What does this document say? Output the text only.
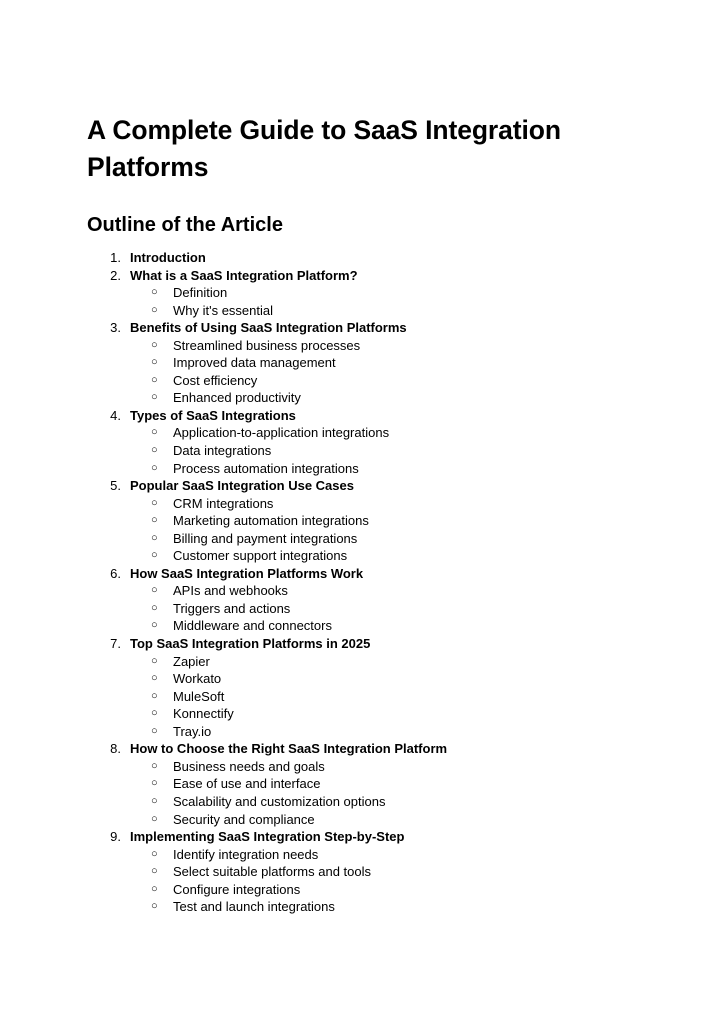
A Complete Guide to SaaS Integration Platforms
Outline of the Article
1. Introduction
2. What is a SaaS Integration Platform?
○ Definition
○ Why it's essential
3. Benefits of Using SaaS Integration Platforms
○ Streamlined business processes
○ Improved data management
○ Cost efficiency
○ Enhanced productivity
4. Types of SaaS Integrations
○ Application-to-application integrations
○ Data integrations
○ Process automation integrations
5. Popular SaaS Integration Use Cases
○ CRM integrations
○ Marketing automation integrations
○ Billing and payment integrations
○ Customer support integrations
6. How SaaS Integration Platforms Work
○ APIs and webhooks
○ Triggers and actions
○ Middleware and connectors
7. Top SaaS Integration Platforms in 2025
○ Zapier
○ Workato
○ MuleSoft
○ Konnectify
○ Tray.io
8. How to Choose the Right SaaS Integration Platform
○ Business needs and goals
○ Ease of use and interface
○ Scalability and customization options
○ Security and compliance
9. Implementing SaaS Integration Step-by-Step
○ Identify integration needs
○ Select suitable platforms and tools
○ Configure integrations
○ Test and launch integrations
